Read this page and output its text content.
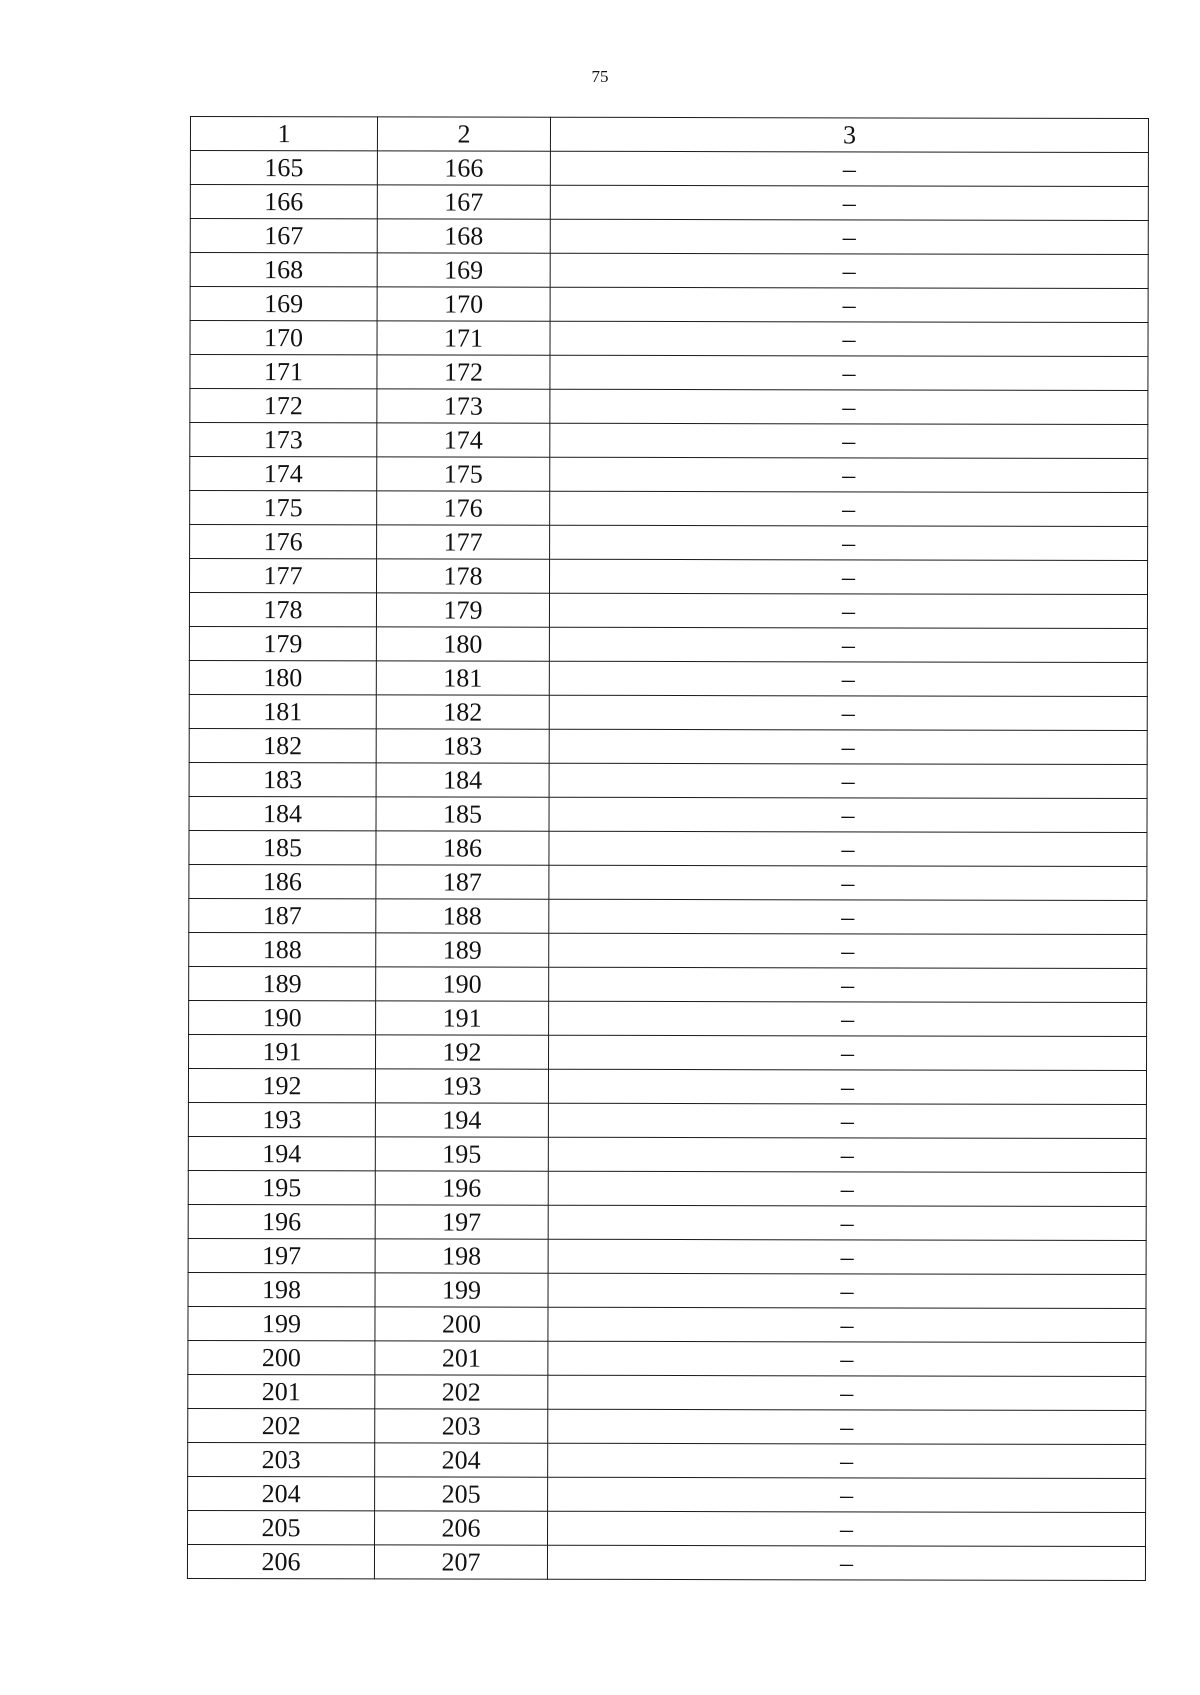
75
1	2	3
165	166	–
166	167	–
167	168	–
168	169	–
169	170	–
170	171	–
171	172	–
172	173	–
173	174	–
174	175	–
175	176	–
176	177	–
177	178	–
178	179	–
179	180	–
180	181	–
181	182	–
182	183	–
183	184	–
184	185	–
185	186	–
186	187	–
187	188	–
188	189	–
189	190	–
190	191	–
191	192	–
192	193	–
193	194	–
194	195	–
195	196	–
196	197	–
197	198	–
198	199	–
199	200	–
200	201	–
201	202	–
202	203	–
203	204	–
204	205	–
205	206	–
206	207	–
